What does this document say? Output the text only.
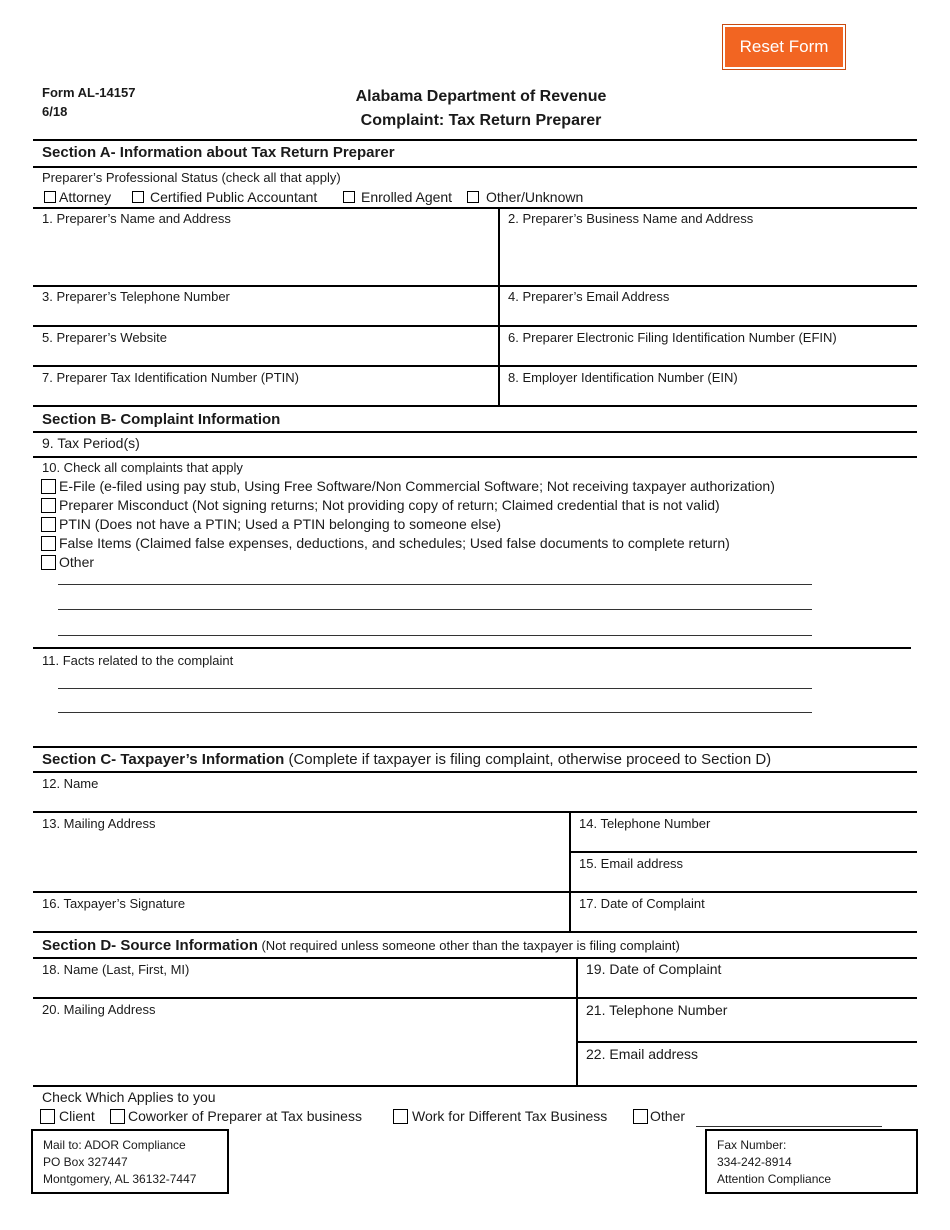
Reset Form
Form AL-14157
6/18
Alabama Department of Revenue
Complaint: Tax Return Preparer
Section A- Information about Tax Return Preparer
Preparer’s Professional Status (check all that apply)
Attorney	Certified Public Accountant	Enrolled Agent Other/Unknown
1. Preparer’s Name and Address	2. Preparer’s Business Name and Address
3. Preparer’s Telephone Number	4. Preparer’s Email Address
5. Preparer’s Website	6. Preparer Electronic Filing Identification Number (EFIN)
7. Preparer Tax Identification Number (PTIN)	8. Employer Identification Number (EIN)
Section B- Complaint Information
9. Tax Period(s)
10. Check all complaints that apply
E-File (e-filed using pay stub, Using Free Software/Non Commercial Software; Not receiving taxpayer authorization)
Preparer Misconduct (Not signing returns; Not providing copy of return; Claimed credential that is not valid)
PTIN (Does not have a PTIN; Used a PTIN belonging to someone else)
False Items (Claimed false expenses, deductions, and schedules; Used false documents to complete return)
Other
11. Facts related to the complaint
Section C- Taxpayer’s Information (Complete if taxpayer is filing complaint, otherwise proceed to Section D)
12. Name
13. Mailing Address	14. Telephone Number
15. Email address
16. Taxpayer’s Signature	17. Date of Complaint
Section D- Source Information (Not required unless someone other than the taxpayer is filing complaint)
18. Name (Last, First, MI)	19. Date of Complaint
20. Mailing Address	21. Telephone Number
22. Email address
Check Which Applies to you
Client Coworker of Preparer at Tax business	Work for Different Tax Business	Other
Mail to: ADOR Compliance
PO Box 327447
Montgomery, AL 36132-7447
Fax Number:
334-242-8914
Attention Compliance
